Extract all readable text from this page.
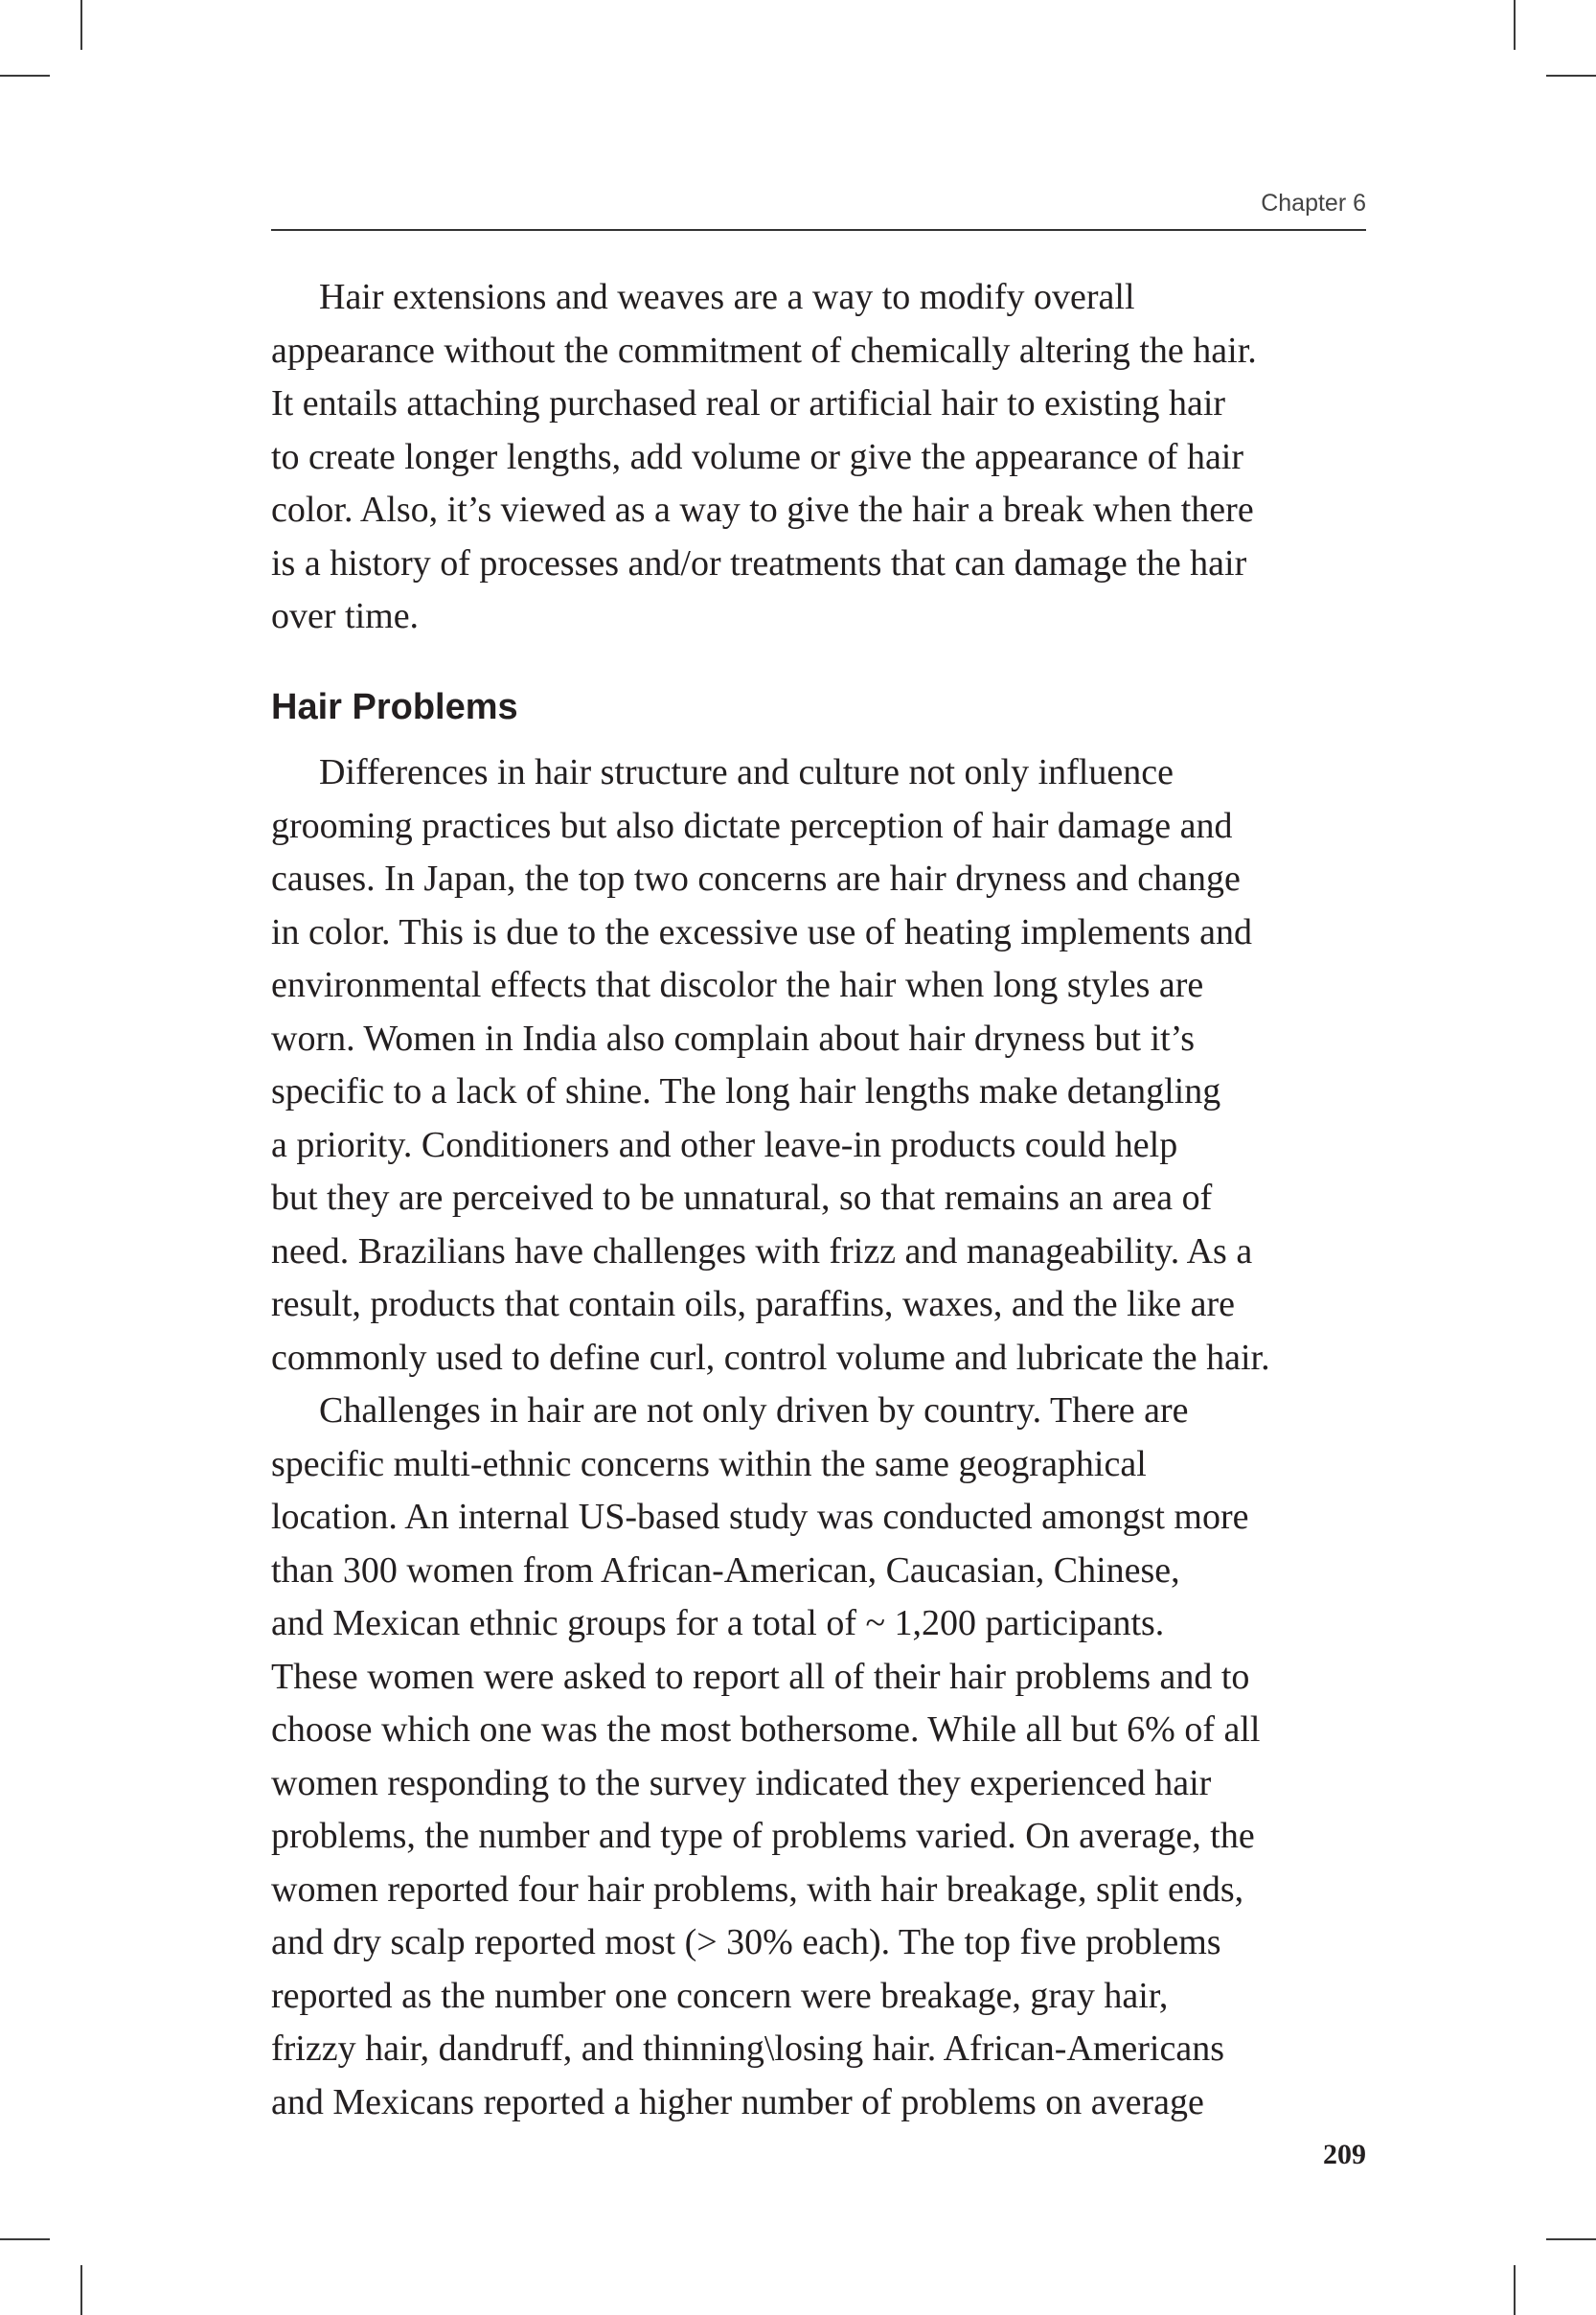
Chapter 6
Hair extensions and weaves are a way to modify overall
appearance without the commitment of chemically altering the hair.
It entails attaching purchased real or artificial hair to existing hair
to create longer lengths, add volume or give the appearance of hair
color. Also, it’s viewed as a way to give the hair a break when there
is a history of processes and/or treatments that can damage the hair
over time.
Hair Problems
Differences in hair structure and culture not only influence
grooming practices but also dictate perception of hair damage and
causes. In Japan, the top two concerns are hair dryness and change
in color. This is due to the excessive use of heating implements and
environmental effects that discolor the hair when long styles are
worn. Women in India also complain about hair dryness but it’s
specific to a lack of shine. The long hair lengths make detangling
a priority. Conditioners and other leave-in products could help
but they are perceived to be unnatural, so that remains an area of
need. Brazilians have challenges with frizz and manageability. As a
result, products that contain oils, paraffins, waxes, and the like are
commonly used to define curl, control volume and lubricate the hair.
Challenges in hair are not only driven by country. There are
specific multi-ethnic concerns within the same geographical
location. An internal US-based study was conducted amongst more
than 300 women from African-American, Caucasian, Chinese,
and Mexican ethnic groups for a total of ~ 1,200 participants.
These women were asked to report all of their hair problems and to
choose which one was the most bothersome. While all but 6% of all
women responding to the survey indicated they experienced hair
problems, the number and type of problems varied. On average, the
women reported four hair problems, with hair breakage, split ends,
and dry scalp reported most (> 30% each). The top five problems
reported as the number one concern were breakage, gray hair,
frizzy hair, dandruff, and thinning\losing hair. African-Americans
and Mexicans reported a higher number of problems on average
209
